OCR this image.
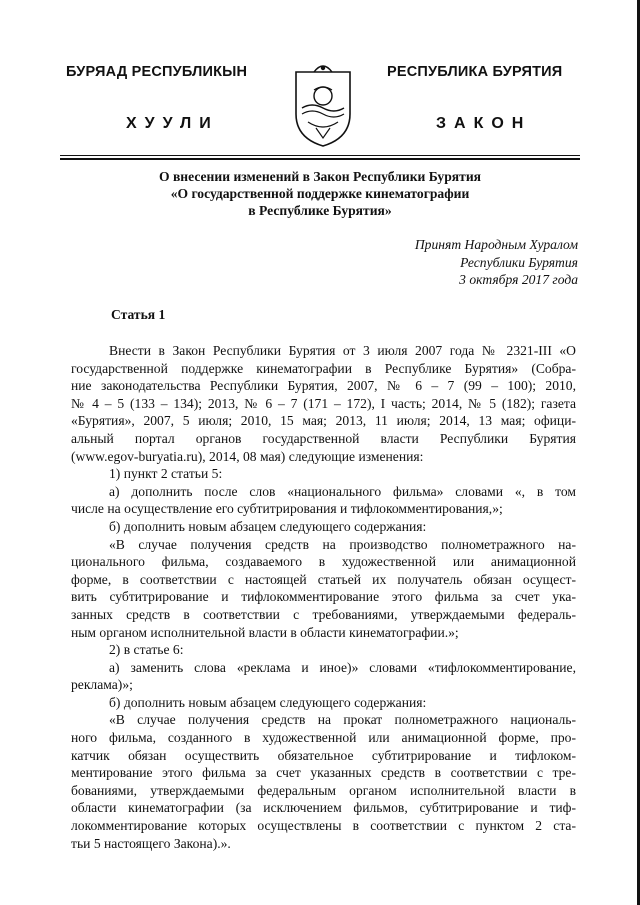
БУРЯАД РЕСПУБЛИКЫН	РЕСПУБЛИКА БУРЯТИЯ
ХУУЛИ	ЗАКОН
О внесении изменений в Закон Республики Бурятия
«О государственной поддержке кинематографии
в Республике Бурятия»
Принят Народным Хуралом
Республики Бурятия
3 октября 2017 года
Статья 1
Внести в Закон Республики Бурятия от 3 июля 2007 года № 2321-III «О
государственной поддержке кинематографии в Республике Бурятия» (Собра-
ние законодательства Республики Бурятия, 2007, № 6 – 7 (99 – 100); 2010,
№ 4 – 5 (133 – 134); 2013, № 6 – 7 (171 – 172), I часть; 2014, № 5 (182); газета
«Бурятия», 2007, 5 июля; 2010, 15 мая; 2013, 11 июля; 2014, 13 мая; офици-
альный портал органов государственной власти Республики Бурятия
(www.egov-buryatia.ru), 2014, 08 мая) следующие изменения:
1) пункт 2 статьи 5:
а) дополнить после слов «национального фильма» словами «, в том
числе на осуществление его субтитрирования и тифлокомментирования,»;
б) дополнить новым абзацем следующего содержания:
«В случае получения средств на производство полнометражного на-
ционального фильма, создаваемого в художественной или анимационной
форме, в соответствии с настоящей статьей их получатель обязан осущест-
вить субтитрирование и тифлокомментирование этого фильма за счет ука-
занных средств в соответствии с требованиями, утверждаемыми федераль-
ным органом исполнительной власти в области кинематографии.»;
2) в статье 6:
а) заменить слова «реклама и иное)» словами «тифлокомментирование,
реклама)»;
б) дополнить новым абзацем следующего содержания:
«В случае получения средств на прокат полнометражного националь-
ного фильма, созданного в художественной или анимационной форме, про-
катчик обязан осуществить обязательное субтитрирование и тифлоком-
ментирование этого фильма за счет указанных средств в соответствии с тре-
бованиями, утверждаемыми федеральным органом исполнительной власти в
области кинематографии (за исключением фильмов, субтитрирование и тиф-
локомментирование которых осуществлены в соответствии с пунктом 2 ста-
тьи 5 настоящего Закона).».
